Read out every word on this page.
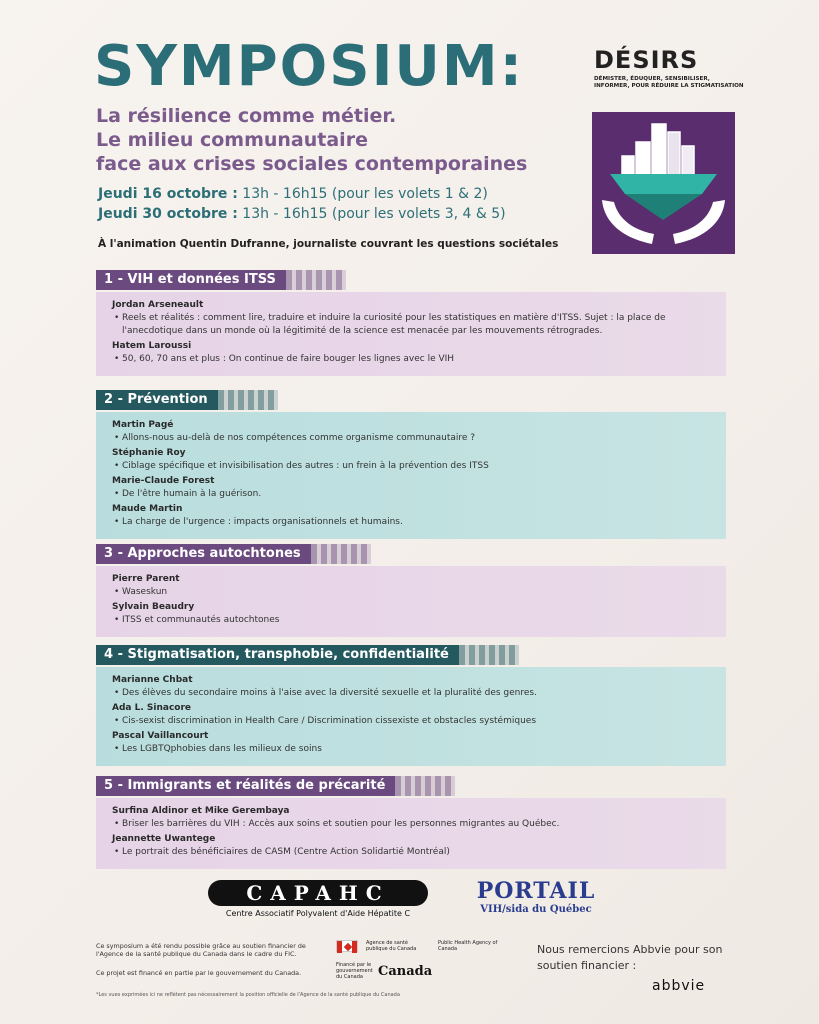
SYMPOSIUM:
La résilience comme métier.
Le milieu communautaire
face aux crises sociales contemporaines
Jeudi 16 octobre : 13h - 16h15 (pour les volets 1 & 2)
Jeudi 30 octobre : 13h - 16h15 (pour les volets 3, 4 & 5)
À l'animation Quentin Dufranne, journaliste couvrant les questions sociétales
DÉSIRS
DÉMISTER, ÉDUQUER, SENSIBILISER, INFORMER, POUR RÉDUIRE LA STIGMATISATION
1 - VIH et données ITSS
Jordan Arseneault
• Reels et réalités : comment lire, traduire et induire la curiosité pour les statistiques en matière d'ITSS. Sujet : la place de l'anecdotique dans un monde où la légitimité de la science est menacée par les mouvements rétrogrades.
Hatem Laroussi
• 50, 60, 70 ans et plus : On continue de faire bouger les lignes avec le VIH
2 - Prévention
Martin Pagé
• Allons-nous au-delà de nos compétences comme organisme communautaire ?
Stéphanie Roy
• Ciblage spécifique et invisibilisation des autres : un frein à la prévention des ITSS
Marie-Claude Forest
• De l'être humain à la guérison.
Maude Martin
• La charge de l'urgence : impacts organisationnels et humains.
3 - Approches autochtones
Pierre Parent
• Waseskun
Sylvain Beaudry
• ITSS et communautés autochtones
4 - Stigmatisation, transphobie, confidentialité
Marianne Chbat
• Des élèves du secondaire moins à l'aise avec la diversité sexuelle et la pluralité des genres.
Ada L. Sinacore
• Cis-sexist discrimination in Health Care / Discrimination cissexiste et obstacles systémiques
Pascal Vaillancourt
• Les LGBTQphobies dans les milieux de soins
5 - Immigrants et réalités de précarité
Surfina Aldinor et Mike Gerembaya
• Briser les barrières du VIH : Accès aux soins et soutien pour les personnes migrantes au Québec.
Jeannette Uwantege
• Le portrait des bénéficiaires de CASM (Centre Action Solidartié Montréal)
CAPAHC
Centre Associatif Polyvalent d'Aide Hépatite C
PORTAIL
VIH/sida du Québec
Ce symposium a été rendu possible grâce au soutien financier de l'Agence de la santé publique du Canada dans le cadre du FIC.
Ce projet est financé en partie par le gouvernement du Canada.
*Les vues exprimées ici ne reflètent pas nécessairement la position officielle de l'Agence de la santé publique du Canada
Agence de santé publique du Canada
Public Health Agency of Canada
Financé par le gouvernement du Canada	Canada
Nous remercions Abbvie pour son soutien financier :
abbvie
